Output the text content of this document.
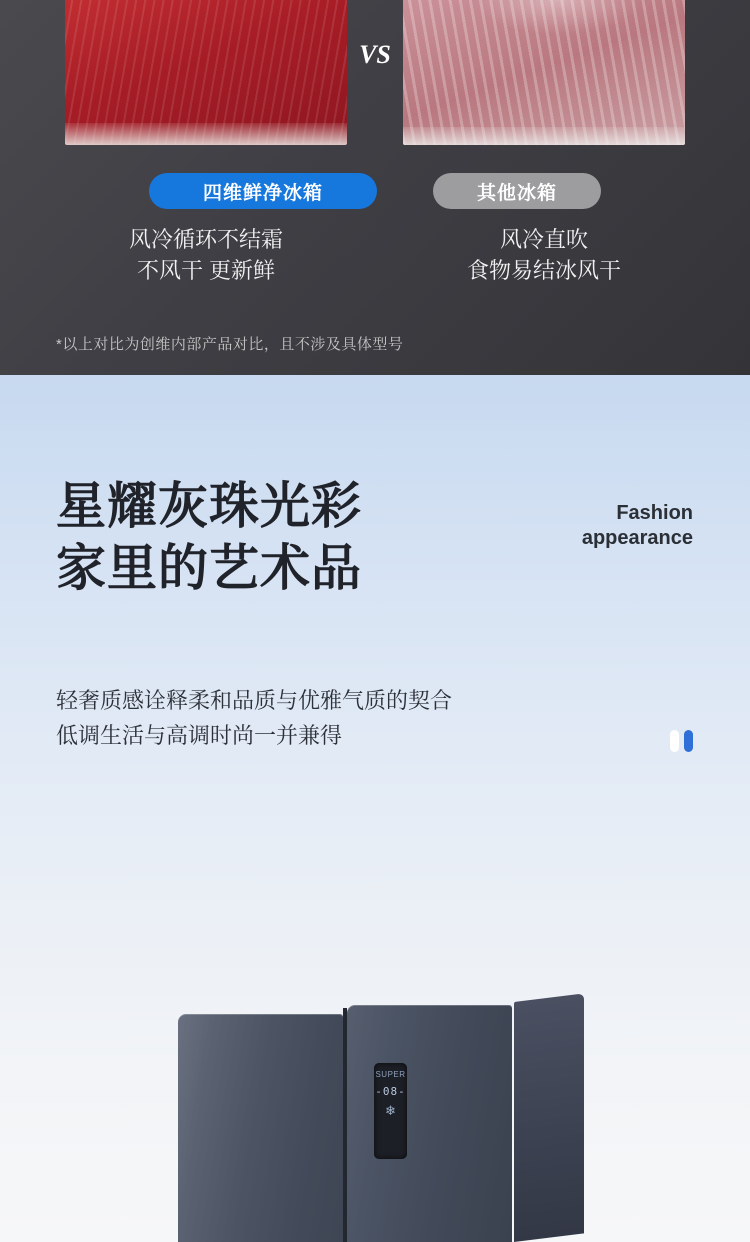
VS
四维鲜净冰箱	其他冰箱
风冷循环不结霜
不风干 更新鲜
风冷直吹
食物易结冰风干
*以上对比为创维内部产品对比，且不涉及具体型号
星耀灰珠光彩
家里的艺术品
Fashion
appearance
轻奢质感诠释柔和品质与优雅气质的契合
低调生活与高调时尚一并兼得
SUPER
-08-
❄
